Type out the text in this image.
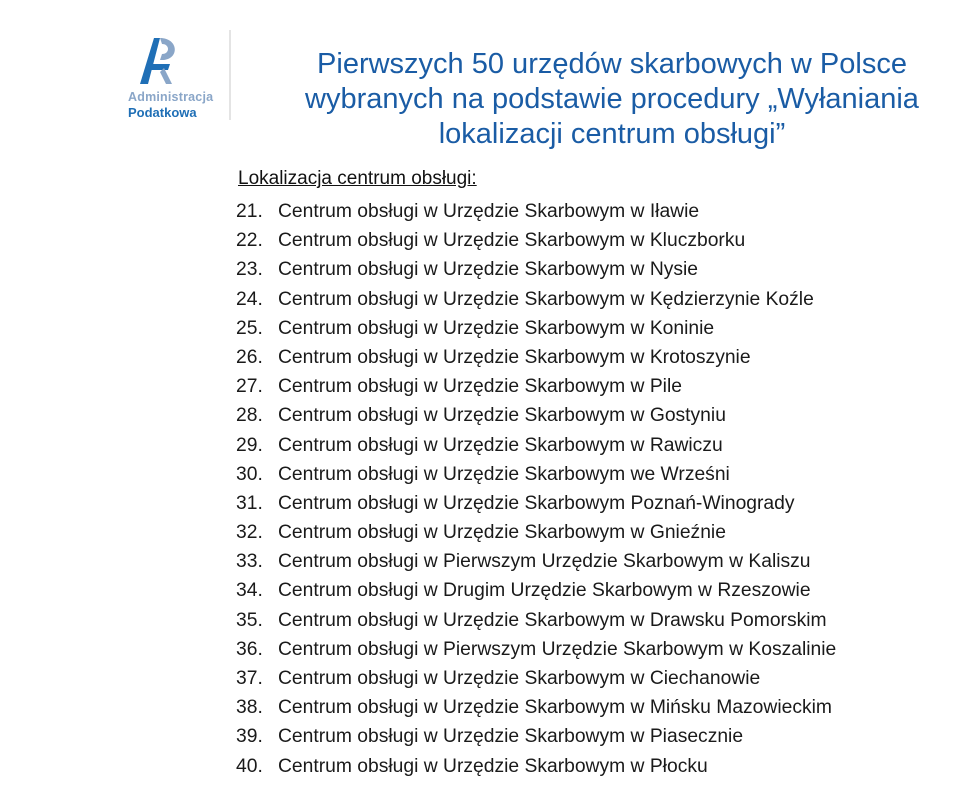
Administracja
Podatkowa
Pierwszych 50 urzędów skarbowych w Polsce
wybranych na podstawie procedury „Wyłaniania
lokalizacji centrum obsługi”
Lokalizacja centrum obsługi:
21. Centrum obsługi w Urzędzie Skarbowym w Iławie
22. Centrum obsługi w Urzędzie Skarbowym w Kluczborku
23. Centrum obsługi w Urzędzie Skarbowym w Nysie
24. Centrum obsługi w Urzędzie Skarbowym w Kędzierzynie Koźle
25. Centrum obsługi w Urzędzie Skarbowym w Koninie
26. Centrum obsługi w Urzędzie Skarbowym w Krotoszynie
27. Centrum obsługi w Urzędzie Skarbowym w Pile
28. Centrum obsługi w Urzędzie Skarbowym w Gostyniu
29. Centrum obsługi w Urzędzie Skarbowym w Rawiczu
30. Centrum obsługi w Urzędzie Skarbowym we Wrześni
31. Centrum obsługi w Urzędzie Skarbowym Poznań-Winogrady
32. Centrum obsługi w Urzędzie Skarbowym w Gnieźnie
33. Centrum obsługi w Pierwszym Urzędzie Skarbowym w Kaliszu
34. Centrum obsługi w Drugim Urzędzie Skarbowym w Rzeszowie
35. Centrum obsługi w Urzędzie Skarbowym w Drawsku Pomorskim
36. Centrum obsługi w Pierwszym Urzędzie Skarbowym w Koszalinie
37. Centrum obsługi w Urzędzie Skarbowym w Ciechanowie
38. Centrum obsługi w Urzędzie Skarbowym w Mińsku Mazowieckim
39. Centrum obsługi w Urzędzie Skarbowym w Piasecznie
40. Centrum obsługi w Urzędzie Skarbowym w Płocku
